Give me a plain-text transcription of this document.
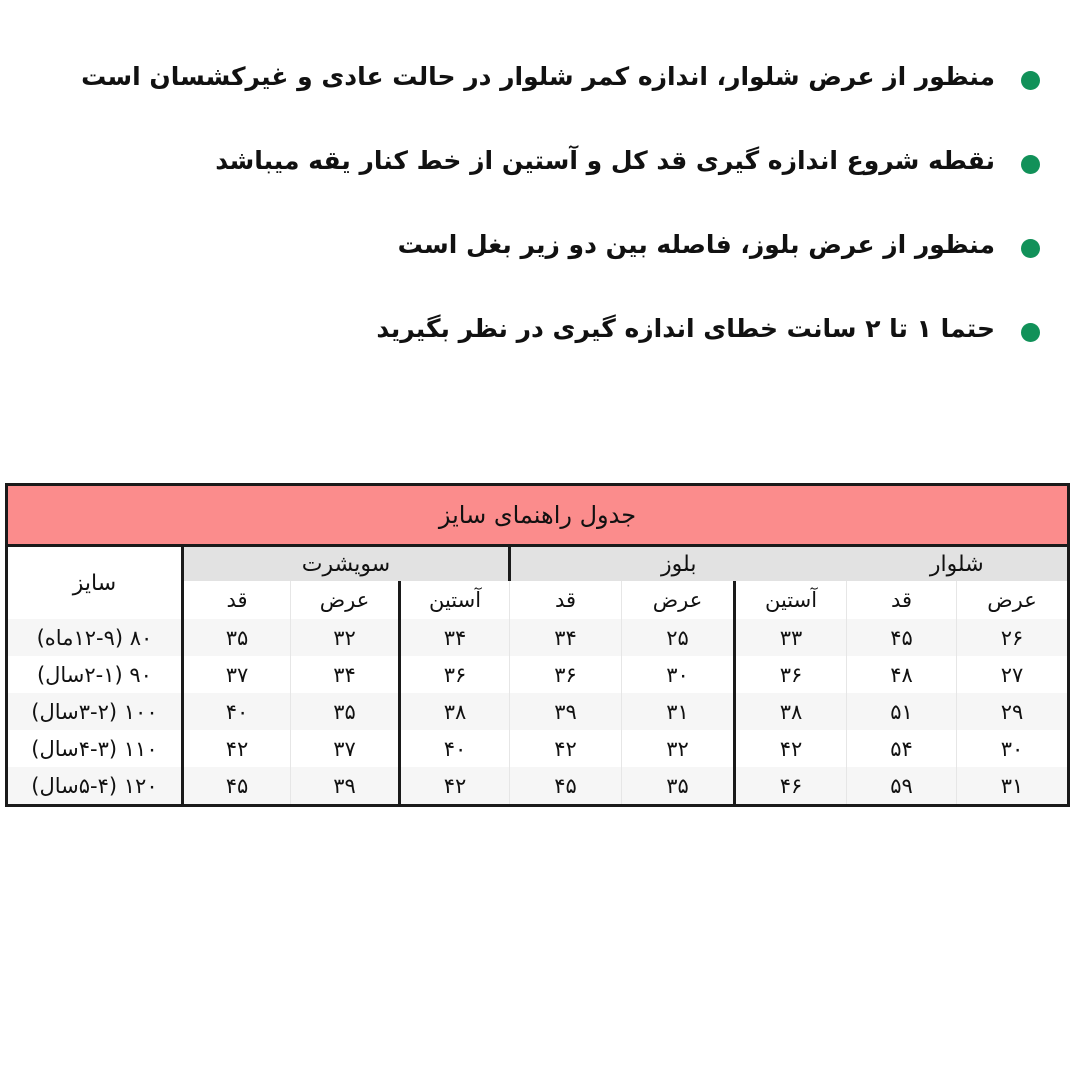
منظور از عرض شلوار، اندازه کمر شلوار در حالت عادی و غیرکشسان است
نقطه شروع اندازه گیری قد کل و آستین از خط کنار یقه میباشد
منظور از عرض بلوز، فاصله بین دو زیر بغل است
حتما ۱ تا ۲ سانت خطای اندازه گیری در نظر بگیرید
جدول راهنمای سایز								
شلوار		بلوز			سویشرت			سایز
عرض	قد	آستین	عرض	قد	آستین	عرض	قد	
۲۶	۴۵	۳۳	۲۵	۳۴	۳۴	۳۲	۳۵	۸۰ (۱۲-۹ماه)
۲۷	۴۸	۳۶	۳۰	۳۶	۳۶	۳۴	۳۷	۹۰ (۲-۱سال)
۲۹	۵۱	۳۸	۳۱	۳۹	۳۸	۳۵	۴۰	۱۰۰ (۳-۲سال)
۳۰	۵۴	۴۲	۳۲	۴۲	۴۰	۳۷	۴۲	۱۱۰ (۴-۳سال)
۳۱	۵۹	۴۶	۳۵	۴۵	۴۲	۳۹	۴۵	۱۲۰ (۵-۴سال)
